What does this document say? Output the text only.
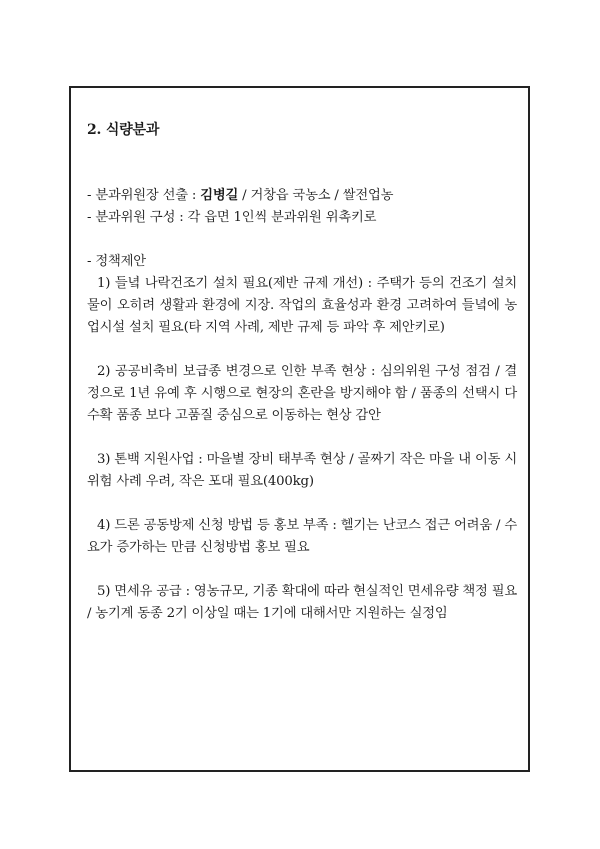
2. 식량분과

- 분과위원장 선출 : 김병길 / 거창읍 국농소 / 쌀전업농

- 분과위원 구성 : 각 읍면 1인씩 분과위원 위촉키로

- 정책제안

1) 들녘 나락건조기 설치 필요(제반 규제 개선) : 주택가 등의 건조기 설치물이 오히려 생활과 환경에 지장. 작업의 효율성과 환경 고려하여 들녘에 농업시설 설치 필요(타 지역 사례, 제반 규제 등 파악 후 제안키로)

2) 공공비축비 보급종 변경으로 인한 부족 현상 : 심의위원 구성 점검 / 결정으로 1년 유예 후 시행으로 현장의 혼란을 방지해야 함 / 품종의 선택시 다수확 품종 보다 고품질 중심으로 이동하는 현상 감안

3) 톤백 지원사업 : 마을별 장비 태부족 현상 / 골짜기 작은 마을 내 이동 시 위험 사례 우려, 작은 포대 필요(400kg)

4) 드론 공동방제 신청 방법 등 홍보 부족 : 헬기는 난코스 접근 어려움 / 수요가 증가하는 만큼 신청방법 홍보 필요

5) 면세유 공급 : 영농규모, 기종 확대에 따라 현실적인 면세유량 책정 필요 / 농기계 동종 2기 이상일 때는 1기에 대해서만 지원하는 실정임
